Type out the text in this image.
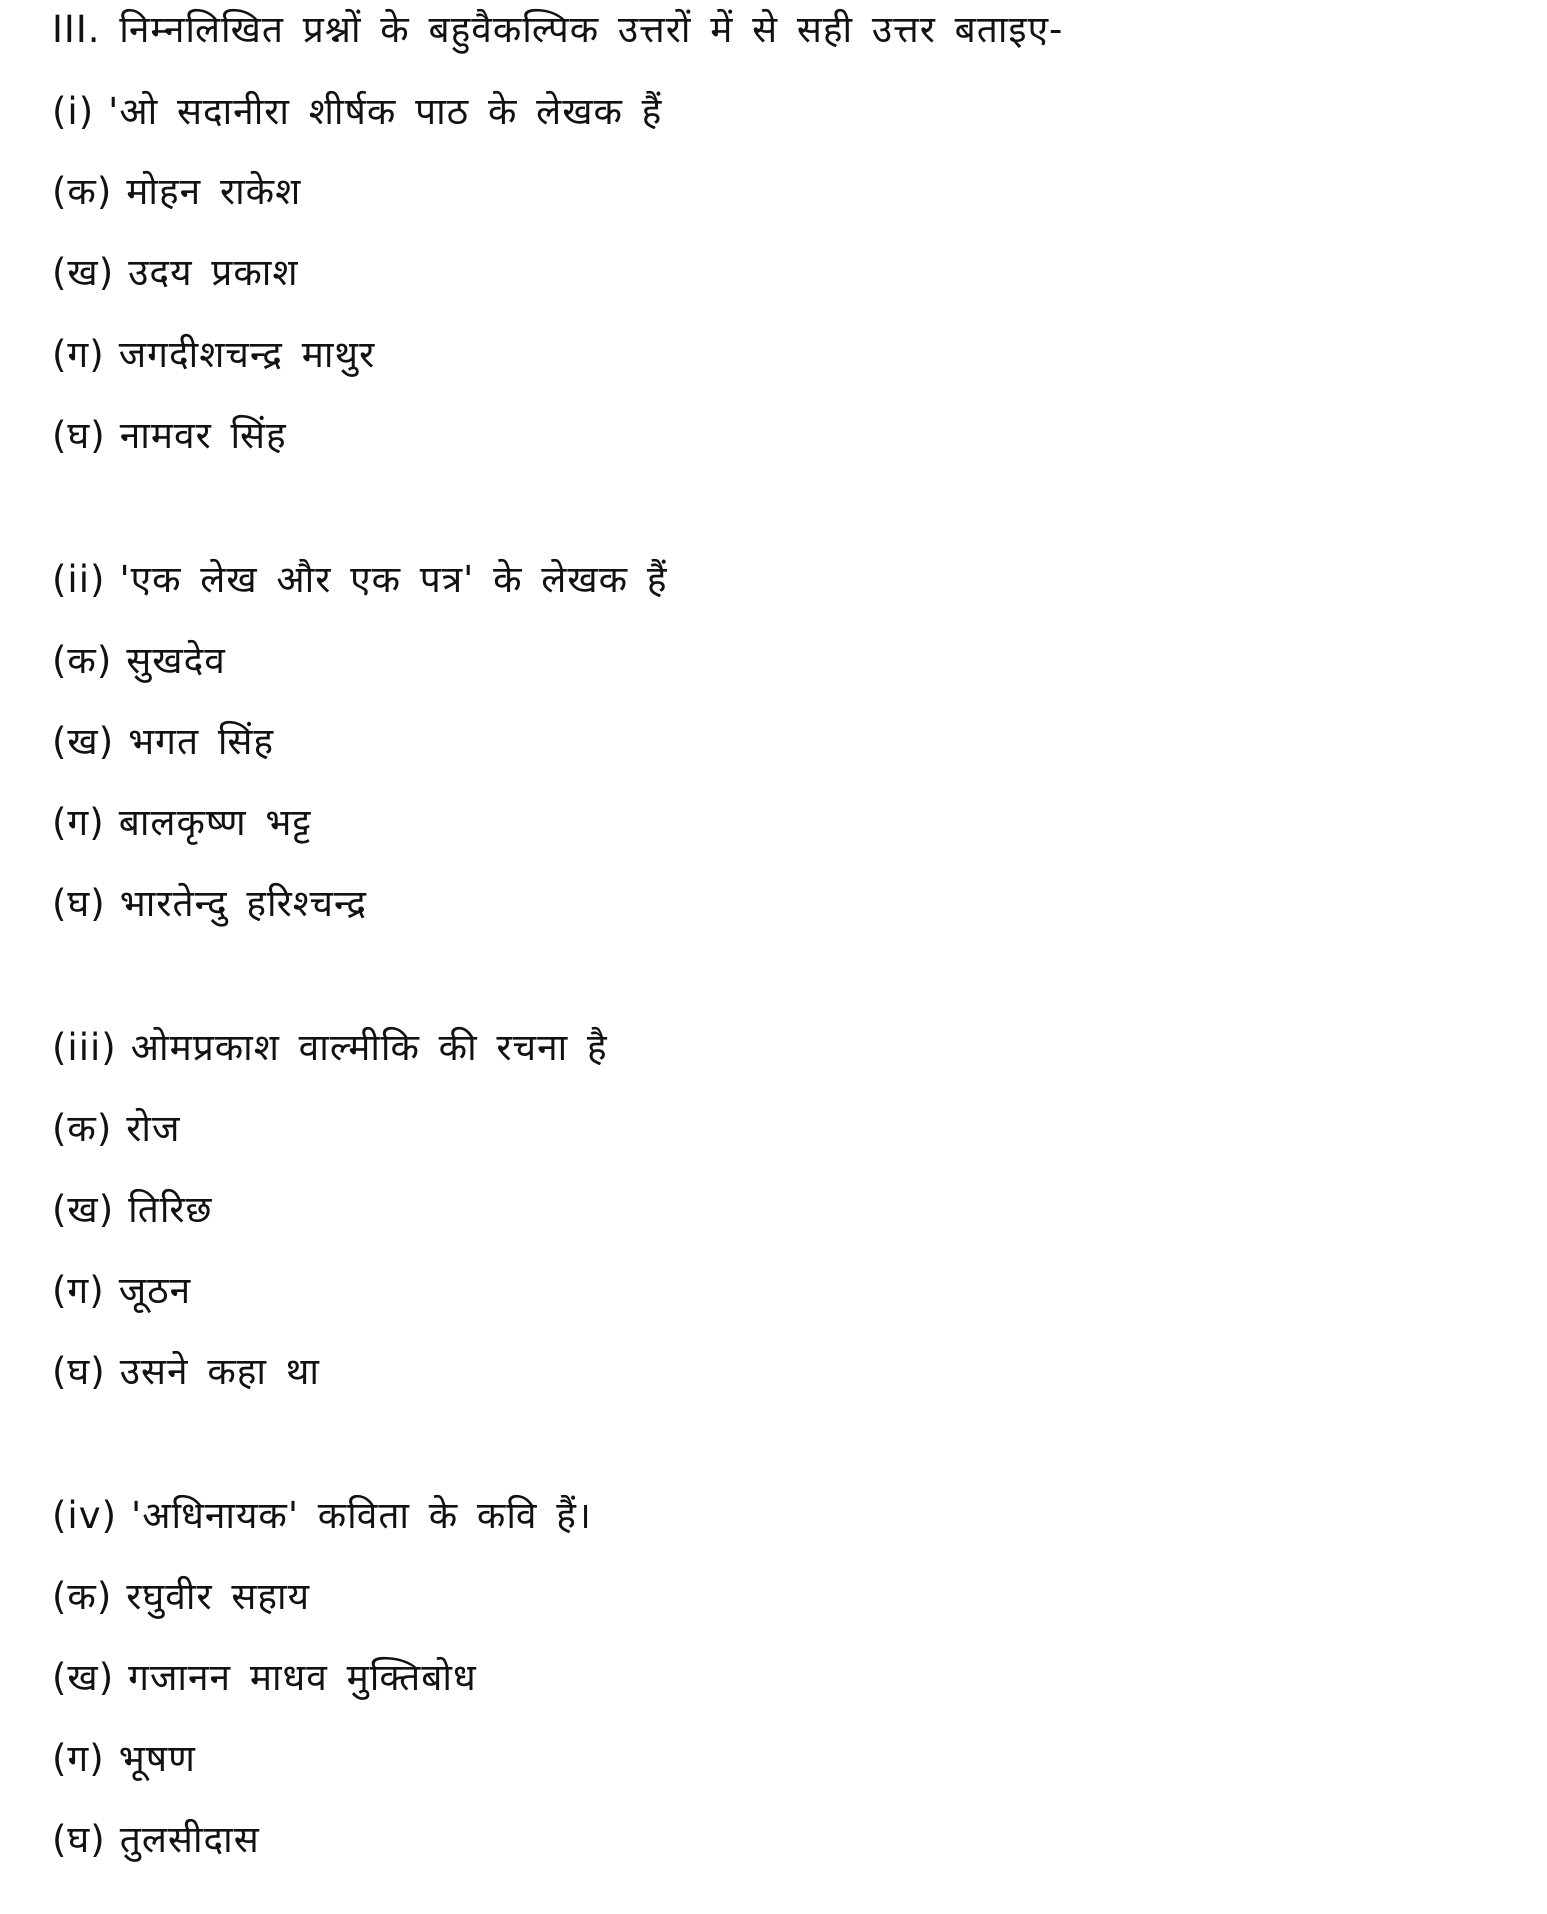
III. निम्नलिखित प्रश्नों के बहुवैकल्पिक उत्तरों में से सही उत्तर बताइए-
(i) 'ओ सदानीरा शीर्षक पाठ के लेखक हैं
(क) मोहन राकेश
(ख) उदय प्रकाश
(ग) जगदीशचन्द्र माथुर
(घ) नामवर सिंह
(ii) 'एक लेख और एक पत्र' के लेखक हैं
(क) सुखदेव
(ख) भगत सिंह
(ग) बालकृष्ण भट्ट
(घ) भारतेन्दु हरिश्चन्द्र
(iii) ओमप्रकाश वाल्मीकि की रचना है
(क) रोज
(ख) तिरिछ
(ग) जूठन
(घ) उसने कहा था
(iv) 'अधिनायक' कविता के कवि हैं।
(क) रघुवीर सहाय
(ख) गजानन माधव मुक्तिबोध
(ग) भूषण
(घ) तुलसीदास
